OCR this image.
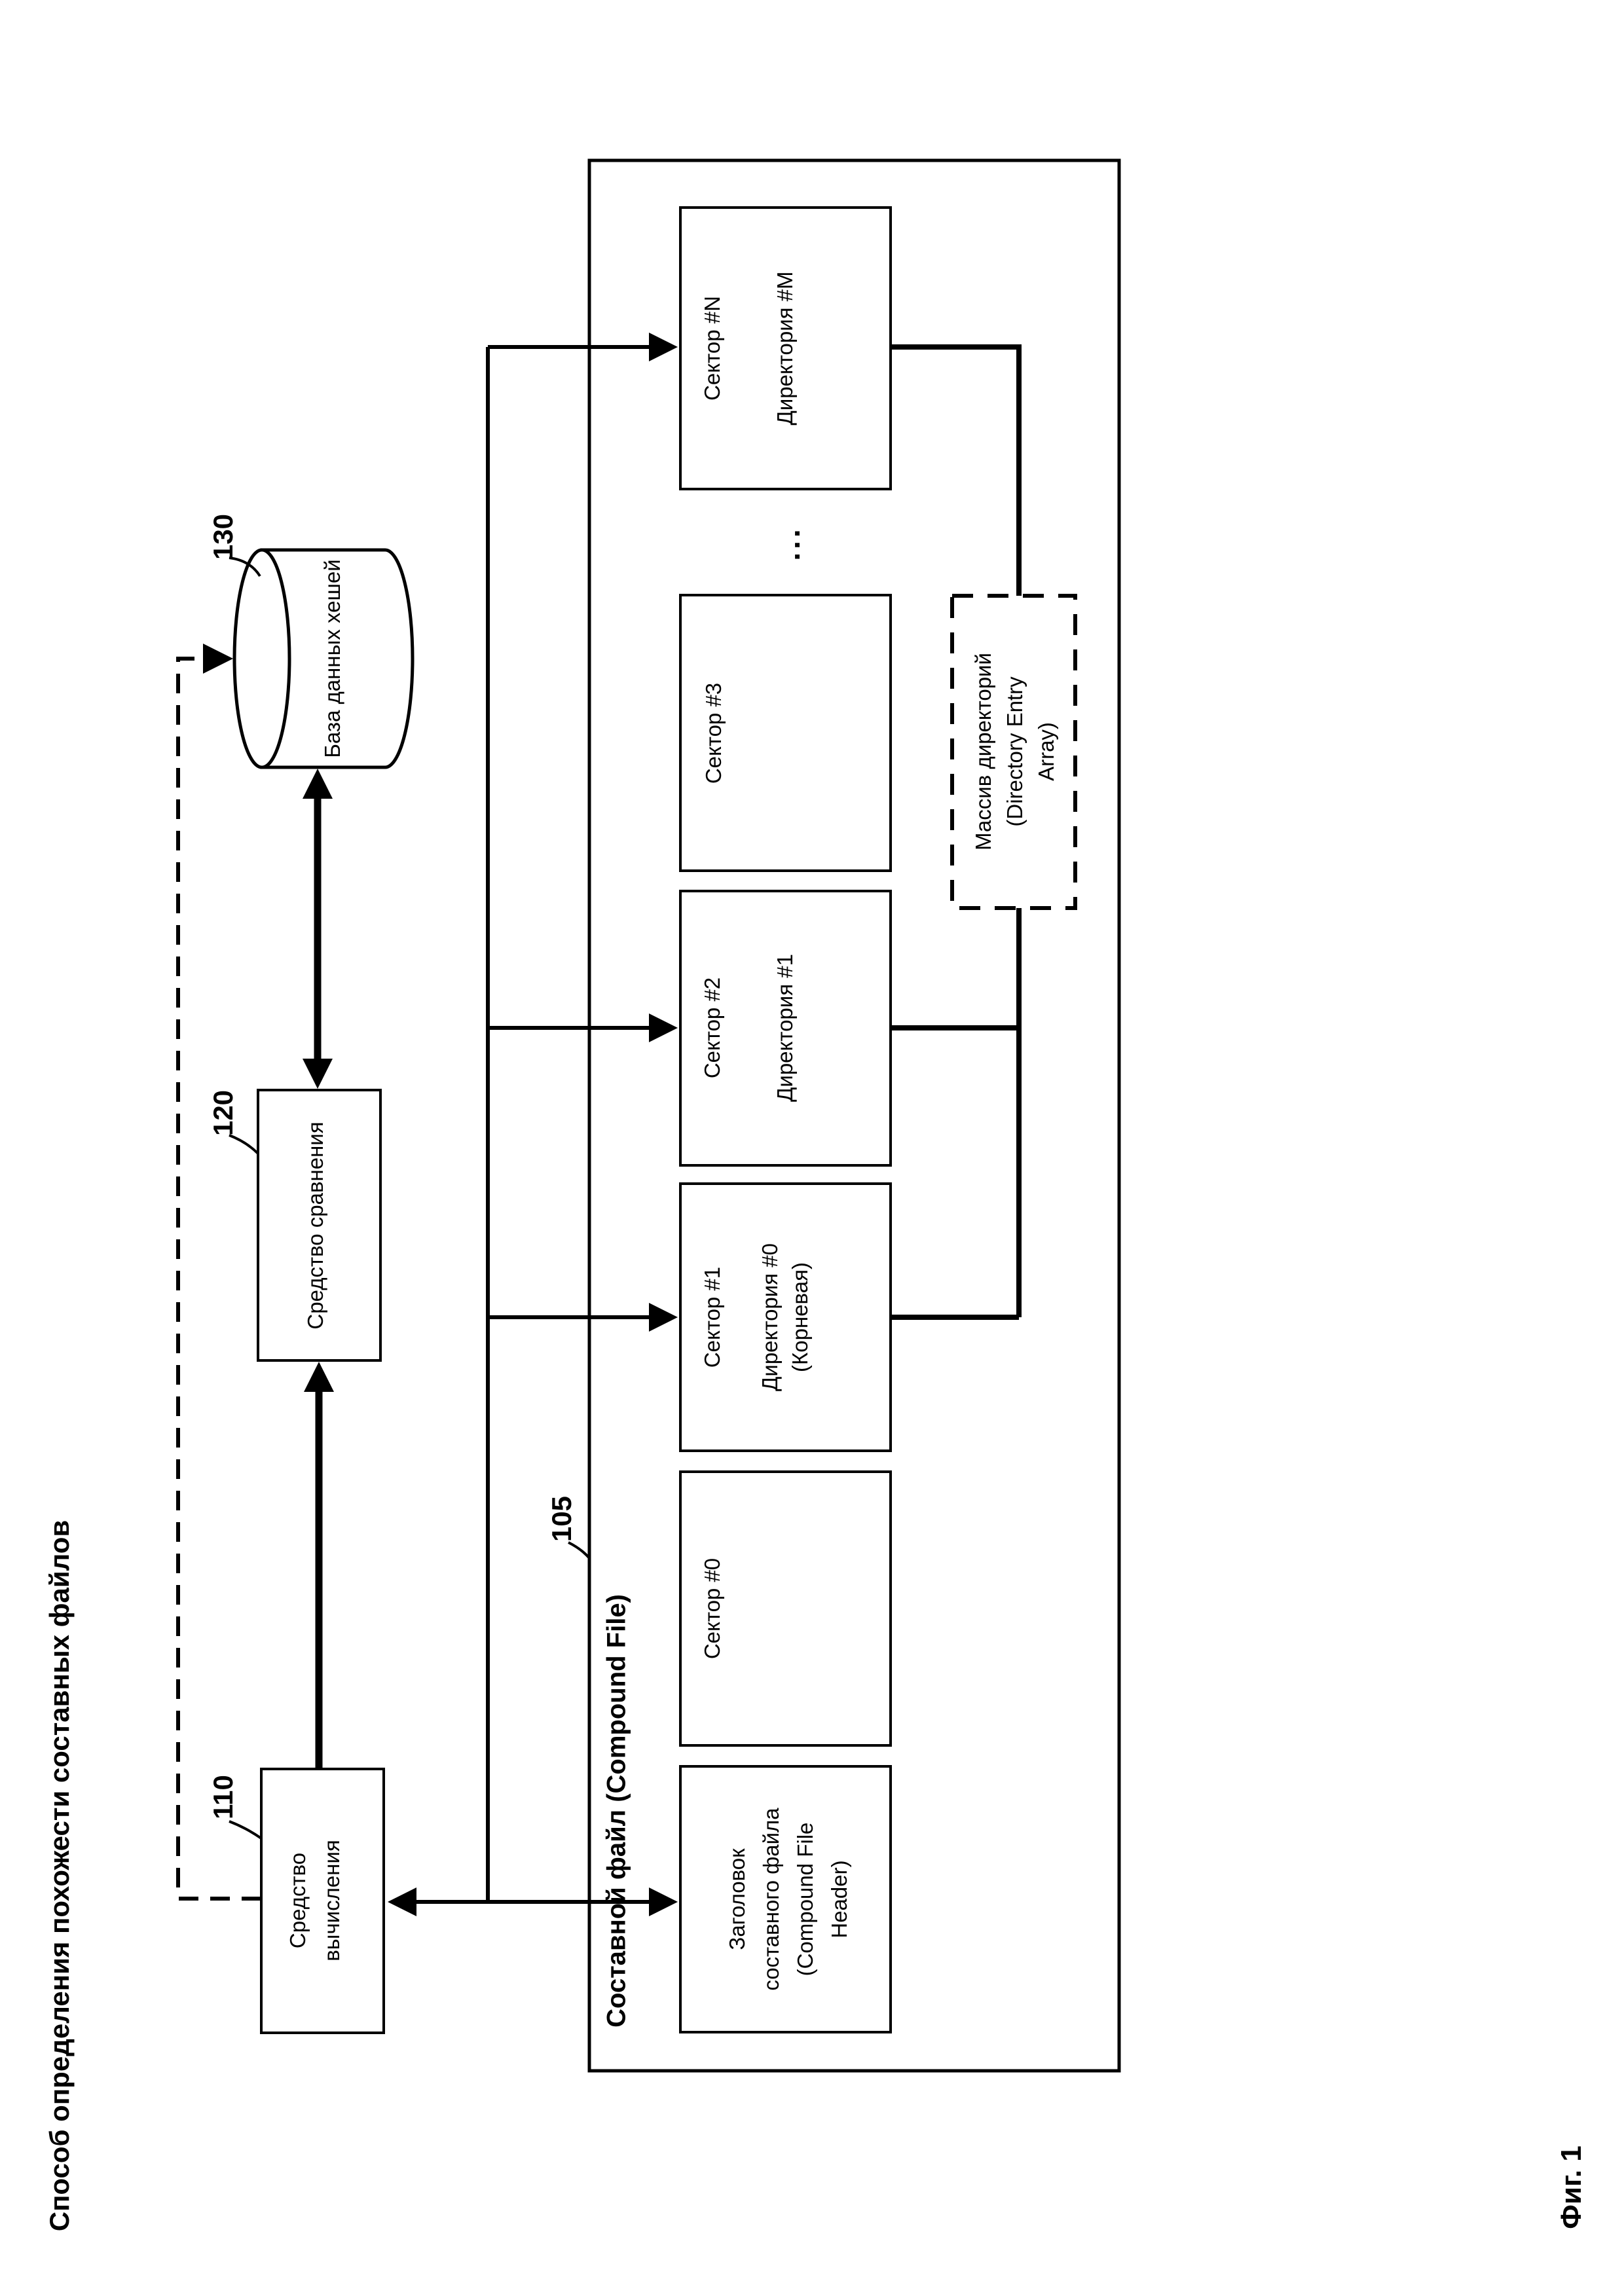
Способ определения похожести составных файлов	Фиг. 1
130
120
110
105
База данных хешей
Средство сравнения
Средство вычисления	Составной файл (Compound File)
Сектор #N Директория #M
...
Сектор #3
Сектор #2 Директория #1
Сектор #1 Директория #0 (Корневая)
Сектор #0
Заголовок составного файла (Compound File Header)
Массив директорий (Directory Entry Array)
